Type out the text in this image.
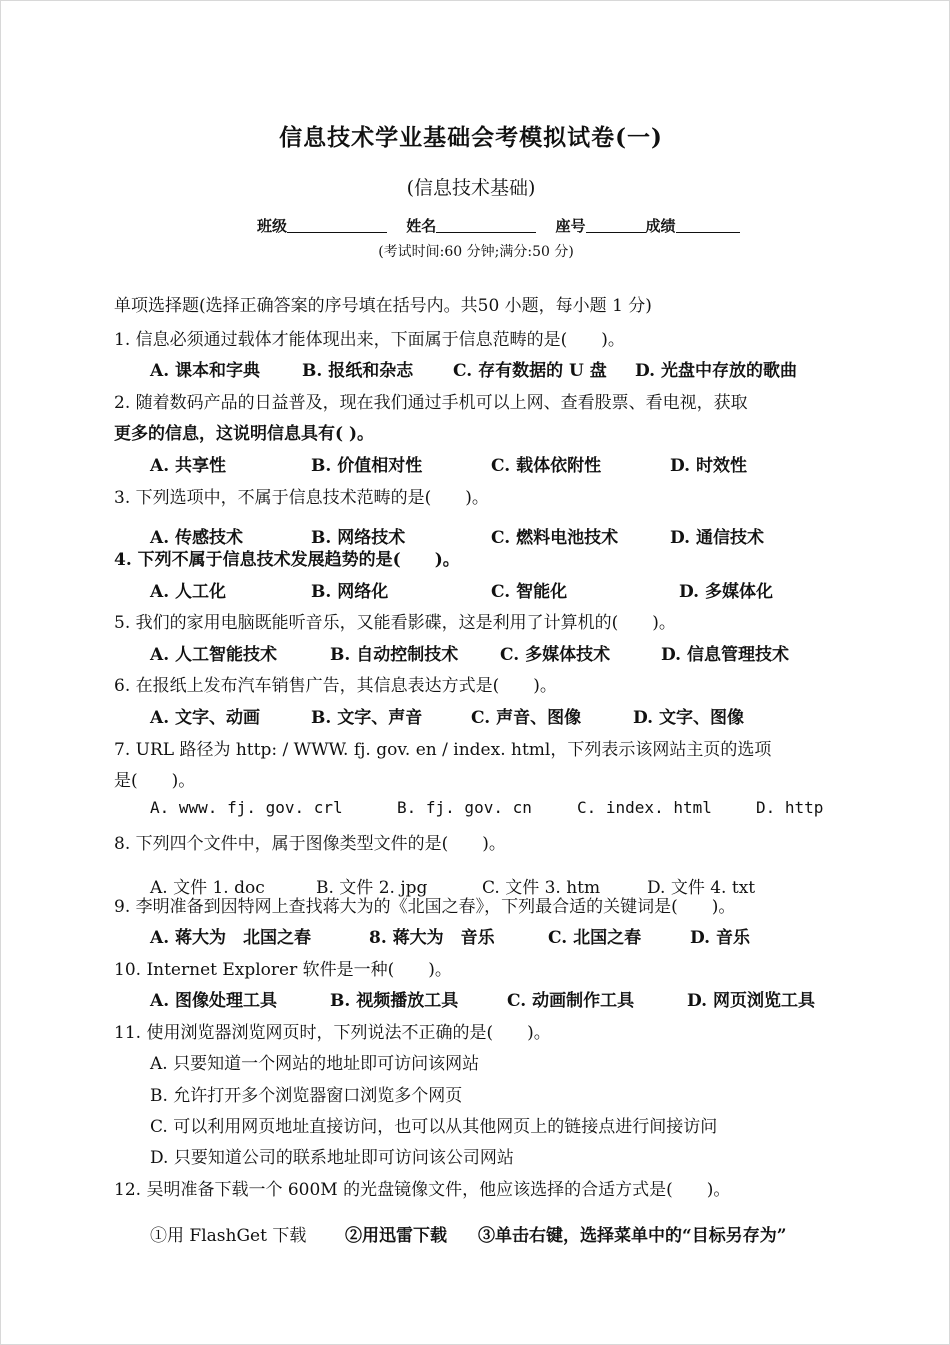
信息技术学业基础会考模拟试卷(一)
(信息技术基础)
班级	姓名	座号	成绩
(考试时间:60 分钟;满分:50 分)
单项选择题(选择正确答案的序号填在括号内。共50 小题，每小题 1 分)
1. 信息必须通过载体才能体现出来，下面属于信息范畴的是(　　)。
A. 课本和字典 B. 报纸和杂志 C. 存有数据的 U 盘 D. 光盘中存放的歌曲
2. 随着数码产品的日益普及，现在我们通过手机可以上网、查看股票、看电视，获取
更多的信息，这说明信息具有( )。
A. 共享性	B. 价值相对性	C. 载体依附性	D. 时效性
3. 下列选项中，不属于信息技术范畴的是(　　)。
A. 传感技术	B. 网络技术	C. 燃料电池技术	D. 通信技术
4. 下列不属于信息技术发展趋势的是(　　)。
A. 人工化	B. 网络化	C. 智能化	D. 多媒体化
5. 我们的家用电脑既能听音乐，又能看影碟，这是利用了计算机的(　　)。
A. 人工智能技术	B. 自动控制技术 C. 多媒体技术	D. 信息管理技术
6. 在报纸上发布汽车销售广告，其信息表达方式是(　　)。
A. 文字、动画	B. 文字、声音	C. 声音、图像	D. 文字、图像
7. URL 路径为 http: / WWW. fj. gov. en / index. html，下列表示该网站主页的选项
是(　　)。
A. www. fj. gov. crl	B. fj. gov. cn	C. index. html	D. http
8. 下列四个文件中，属于图像类型文件的是(　　)。
A. 文件 1. doc	B. 文件 2. jpg	C. 文件 3. htm	D. 文件 4. txt
9. 李明准备到因特网上查找蒋大为的《北国之春》，下列最合适的关键词是(　　)。
A. 蒋大为　北国之春	8. 蒋大为　音乐	C. 北国之春	D. 音乐
10. Internet Explorer 软件是一种(　　)。
A. 图像处理工具	B. 视频播放工具	C. 动画制作工具	D. 网页浏览工具
11. 使用浏览器浏览网页时，下列说法不正确的是(　　)。
A. 只要知道一个网站的地址即可访问该网站
B. 允许打开多个浏览器窗口浏览多个网页
C. 可以利用网页地址直接访问，也可以从其他网页上的链接点进行间接访问
D. 只要知道公司的联系地址即可访问该公司网站
12. 吴明准备下载一个 600M 的光盘镜像文件，他应该选择的合适方式是(　　)。
①用 FlashGet 下载 ②用迅雷下载 ③单击右键，选择菜单中的“目标另存为”
